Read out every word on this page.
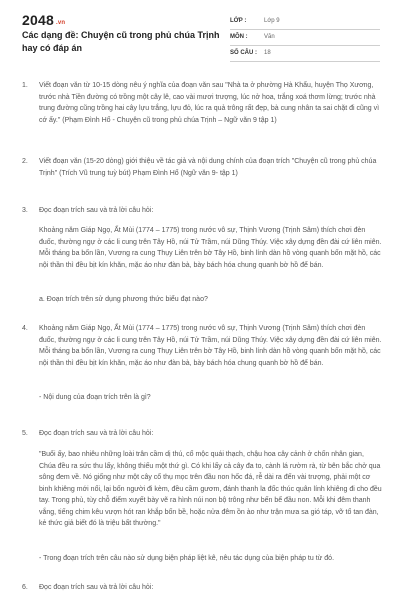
2048 .vn
Các dạng đề: Chuyện cũ trong phủ chúa Trịnh hay có đáp án
LỚP :	Lớp 9
MÔN :	Văn
SỐ CÂU : 18
1.	Viết đoạn văn từ 10-15 dòng nêu ý nghĩa của đoạn văn sau "Nhà ta ở phường Hà Khẩu, huyện Thọ Xương, trước nhà Tiền đường có trồng một cây lê, cao vài mươi trượng, lúc nở hoa, trắng xoá thơm lừng; trước nhà trung đường cũng trồng hai cây lựu trắng, lựu đỏ, lúc ra quả trông rất đẹp, bà cung nhân ta sai chặt đi cũng vì cớ ấy." (Phạm Đình Hổ - Chuyện cũ trong phủ chúa Trịnh – Ngữ văn 9 tập 1)
2.	Viết đoạn văn (15-20 dòng) giới thiệu về tác giả và nội dung chính của đoạn trích "Chuyện cũ trong phủ chúa Trịnh" (Trích Vũ trung tuỳ bút) Phạm Đình Hổ (Ngữ văn 9- tập 1)
3.	Đọc đoạn trích sau và trả lời câu hỏi:
Khoảng năm Giáp Ngọ, Ất Mùi (1774 – 1775) trong nước vô sự, Thịnh Vương (Trịnh Sâm) thích chơi đèn đuốc, thường ngự ở các li cung trên Tây Hồ, núi Tử Trầm, núi Dũng Thúy. Việc xây dựng đền đài cứ liên miên. Mỗi tháng ba bốn lần, Vương ra cung Thụy Liên trên bờ Tây Hồ, binh lính dàn hồ vòng quanh bốn mặt hồ, các nội thần thì đều bịt kín khăn, mặc áo như đàn bà, bày bách hóa chung quanh bờ hồ để bán.
a. Đoạn trích trên sử dụng phương thức biểu đạt nào?
4.	Khoảng năm Giáp Ngọ, Ất Mùi (1774 – 1775) trong nước vô sự, Thịnh Vương (Trịnh Sâm) thích chơi đèn đuốc, thường ngự ở các li cung trên Tây Hồ, núi Tử Trầm, núi Dũng Thúy. Việc xây dựng đền đài cứ liên miên. Mỗi tháng ba bốn lần, Vương ra cung Thụy Liên trên bờ Tây Hồ, binh lính dàn hồ vòng quanh bốn mặt hồ, các nội thần thì đều bịt kín khăn, mặc áo như đàn bà, bày bách hóa chung quanh bờ hồ để bán.
- Nội dung của đoạn trích trên là gì?
5.	Đọc đoạn trích sau và trả lời câu hỏi:
"Buổi ấy, bao nhiêu những loài trân cầm dị thú, cổ mộc quái thạch, chậu hoa cây cảnh ở chốn nhân gian, Chúa đều ra sức thu lấy, không thiếu một thứ gì. Có khi lấy cả cây đa to, cành lá rườm rà, từ bên bắc chở qua sông đem về. Nó giống như một cây cổ thụ mọc trên đầu non hốc đá, rễ dài ra đến vài trượng, phải một cơ binh khiêng mới nổi, lại bốn người đi kèm, đều cầm gươm, đánh thanh la đốc thúc quân lính khiêng đi cho đều tay. Trong phủ, tùy chỗ điểm xuyết bày vẽ ra hình núi non bộ trông như bến bể đầu non. Mỗi khi đêm thanh vắng, tiếng chim kêu vượn hót ran khắp bốn bề, hoặc nửa đêm ồn ào như trận mưa sa gió táp, vỡ tổ tan đàn, kẻ thức giả biết đó là triệu bất thường."
- Trong đoạn trích trên câu nào sử dụng biện pháp liệt kê, nêu tác dụng của biện pháp tu từ đó.
6.	Đọc đoạn trích sau và trả lời câu hỏi:
